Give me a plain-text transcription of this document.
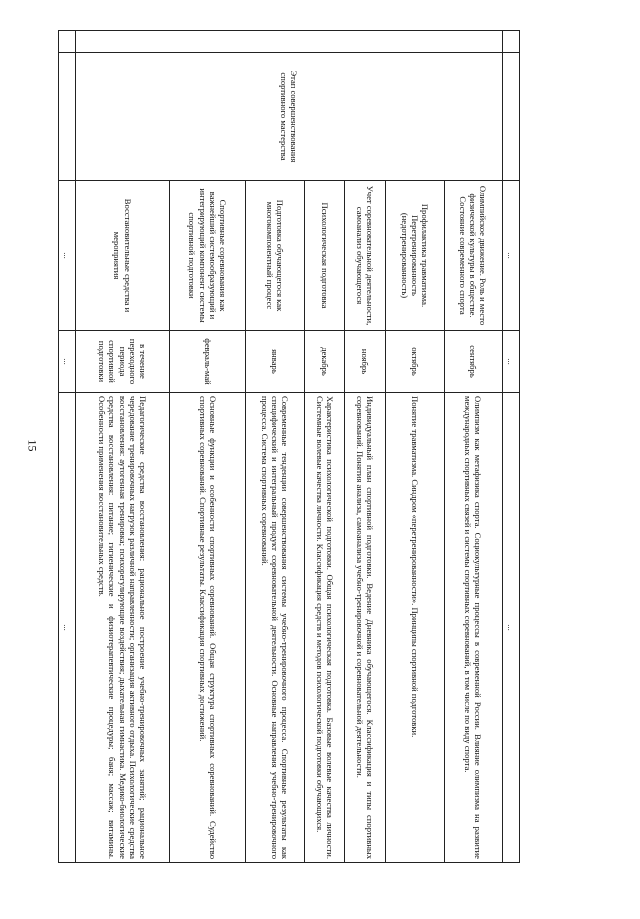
15
		...	...	...
	Этап совершенствования спортивного мастерства	Олимпийское движение. Роль и место физической культуры в обществе. Состояние современного спорта	сентябрь	Олимпизм как метафизика спорта. Социокультурные процессы в современной России. Влияние олимпизма на развитие международных спортивных связей и системы спортивных соревнований, в том числе по виду спорта.
		Профилактика травматизма. Перетренированность (недотренированность)	октябрь	Понятие травматизма. Синдром «перетренированности». Принципы спортивной подготовки.
		Учет соревновательной деятельности, самоанализ обучающегося	ноябрь	Индивидуальный план спортивной подготовки. Ведение Дневника обучающегося. Классификация и типы спортивных соревнований. Понятия анализа, самоанализа учебно-тренировочной и соревновательной деятельности.
		Психологическая подготовка	декабрь	Характеристика психологической подготовки. Общая психологическая подготовка. Базовые волевые качества личности. Системные волевые качества личности. Классификация средств и методов психологической подготовки обучающихся.
		Подготовка обучающегося как многокомпонентный процесс	январь	Современные тенденции совершенствования системы учебно-тренировочного процесса. Спортивные результаты как специфический и интегральный продукт соревновательной деятельности. Основные направления учебно-тренировочного процесса. Система спортивных соревнований.
		Спортивные соревнования как важнейший системообразующий и интегрирующий компонент системы спортивной подготовки	февраль-май	Основные функции и особенности спортивных соревнований. Общая структура спортивных соревнований. Судейство спортивных соревнований. Спортивные результаты. Классификация спортивных достижений.
		Восстановительные средства и мероприятия	в течение переходного периода спортивной подготовки	Педагогические средства восстановления: рациональное построение учебно-тренировочных занятий; рациональное чередование тренировочных нагрузок различной направленности; организация активного отдыха. Психологические средства восстановления: аутогенная тренировка; психорегулирующие воздействия; дыхательная гимнастика. Медико-биологические средства восстановления: питание; гигиенические и физиотерапевтические процедуры; баня; массаж; витамины. Особенности применения восстановительных средств.
		...	...	...
